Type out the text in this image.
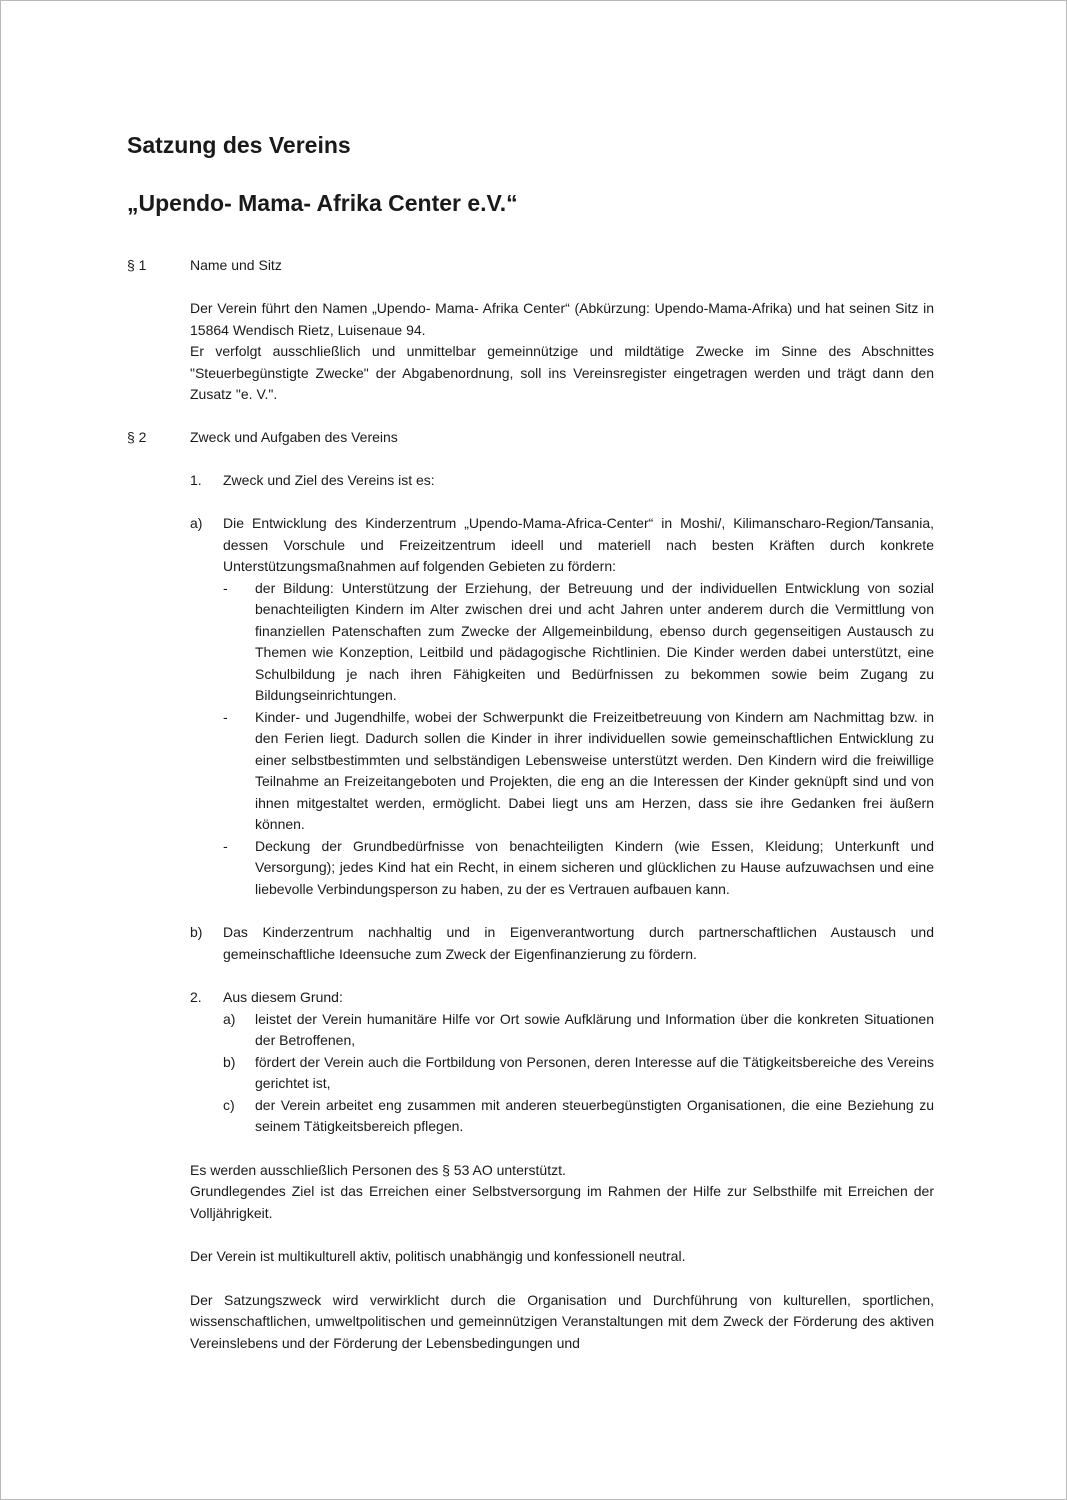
Satzung des Vereins
„Upendo- Mama- Afrika Center e.V.“
§ 1	Name und Sitz

Der Verein führt den Namen „Upendo- Mama- Afrika Center“ (Abkürzung: Upendo-Mama-Afrika) und hat seinen Sitz in 15864 Wendisch Rietz, Luisenaue 94.

Er verfolgt ausschließlich und unmittelbar gemeinnützige und mildtätige Zwecke im Sinne des Abschnittes "Steuerbegünstigte Zwecke" der Abgabenordnung, soll ins Vereinsregister eingetragen werden und trägt dann den Zusatz "e. V.".

§ 2	Zweck und Aufgaben des Vereins
1.	Zweck und Ziel des Vereins ist es:
a)	Die Entwicklung des Kinderzentrum „Upendo-Mama-Africa-Center“ in Moshi/, Kilimanscharo-Region/Tansania, dessen Vorschule und Freizeitzentrum ideell und materiell nach besten Kräften durch konkrete Unterstützungsmaßnahmen auf folgenden Gebieten zu fördern:
-	der Bildung: Unterstützung der Erziehung, der Betreuung und der individuellen Entwicklung von sozial benachteiligten Kindern im Alter zwischen drei und acht Jahren unter anderem durch die Vermittlung von finanziellen Patenschaften zum Zwecke der Allgemeinbildung, ebenso durch gegenseitigen Austausch zu Themen wie Konzeption, Leitbild und pädagogische Richtlinien. Die Kinder werden dabei unterstützt, eine Schulbildung je nach ihren Fähigkeiten und Bedürfnissen zu bekommen sowie beim Zugang zu Bildungseinrichtungen.
-	Kinder- und Jugendhilfe, wobei der Schwerpunkt die Freizeitbetreuung von Kindern am Nachmittag bzw. in den Ferien liegt. Dadurch sollen die Kinder in ihrer individuellen sowie gemeinschaftlichen Entwicklung zu einer selbstbestimmten und selbständigen Lebensweise unterstützt werden. Den Kindern wird die freiwillige Teilnahme an Freizeitangeboten und Projekten, die eng an die Interessen der Kinder geknüpft sind und von ihnen mitgestaltet werden, ermöglicht. Dabei liegt uns am Herzen, dass sie ihre Gedanken frei äußern können.
-	Deckung der Grundbedürfnisse von benachteiligten Kindern (wie Essen, Kleidung; Unterkunft und Versorgung); jedes Kind hat ein Recht, in einem sicheren und glücklichen zu Hause aufzuwachsen und eine liebevolle Verbindungsperson zu haben, zu der es Vertrauen aufbauen kann.
b)	Das Kinderzentrum nachhaltig und in Eigenverantwortung durch partnerschaftlichen Austausch und gemeinschaftliche Ideensuche zum Zweck der Eigenfinanzierung zu fördern.
2.	Aus diesem Grund:
a)	leistet der Verein humanitäre Hilfe vor Ort sowie Aufklärung und Information über die konkreten Situationen der Betroffenen,
b)	fördert der Verein auch die Fortbildung von Personen, deren Interesse auf die Tätigkeitsbereiche des Vereins gerichtet ist,
c)	der Verein arbeitet eng zusammen mit anderen steuerbegünstigten Organisationen, die eine Beziehung zu seinem Tätigkeitsbereich pflegen.

Es werden ausschließlich Personen des § 53 AO unterstützt.

Grundlegendes Ziel ist das Erreichen einer Selbstversorgung im Rahmen der Hilfe zur Selbsthilfe mit Erreichen der Volljährigkeit.

Der Verein ist multikulturell aktiv, politisch unabhängig und konfessionell neutral.

Der Satzungszweck wird verwirklicht durch die Organisation und Durchführung von kulturellen, sportlichen, wissenschaftlichen, umweltpolitischen und gemeinnützigen Veranstaltungen mit dem Zweck der Förderung des aktiven Vereinslebens und der Förderung der Lebensbedingungen und
